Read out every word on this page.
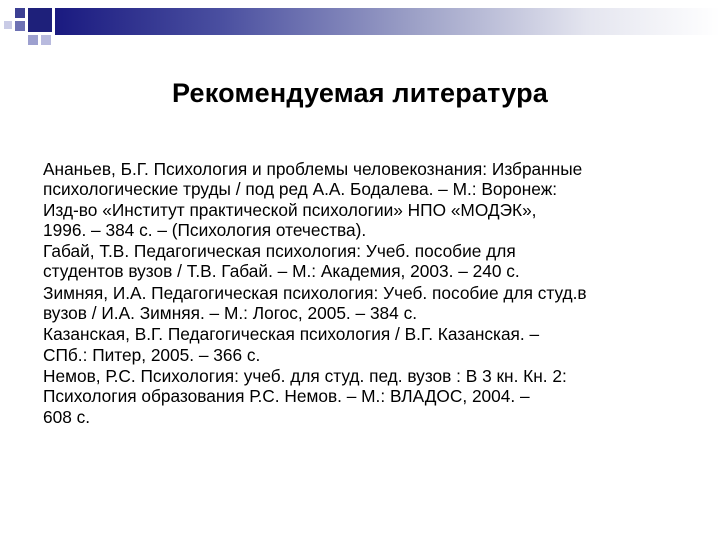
Рекомендуемая литература
Ананьев, Б.Г. Психология и проблемы человекознания: Избранные
психологические труды / под ред А.А. Бодалева. – М.: Воронеж:
Изд-во «Институт практической психологии» НПО «МОДЭК»,
1996. – 384 с. – (Психология отечества).
Габай, Т.В. Педагогическая психология: Учеб. пособие для
студентов вузов / Т.В. Габай. – М.: Академия, 2003. – 240 с.
Зимняя, И.А. Педагогическая психология: Учеб. пособие для студ.в
вузов / И.А. Зимняя. – М.: Логос, 2005. – 384 с.
Казанская, В.Г. Педагогическая психология / В.Г. Казанская. –
СПб.: Питер, 2005. – 366 с.
Немов, Р.С. Психология: учеб. для студ. пед. вузов : В 3 кн. Кн. 2:
Психология образования Р.С. Немов. – М.: ВЛАДОС, 2004. –
608 с.
